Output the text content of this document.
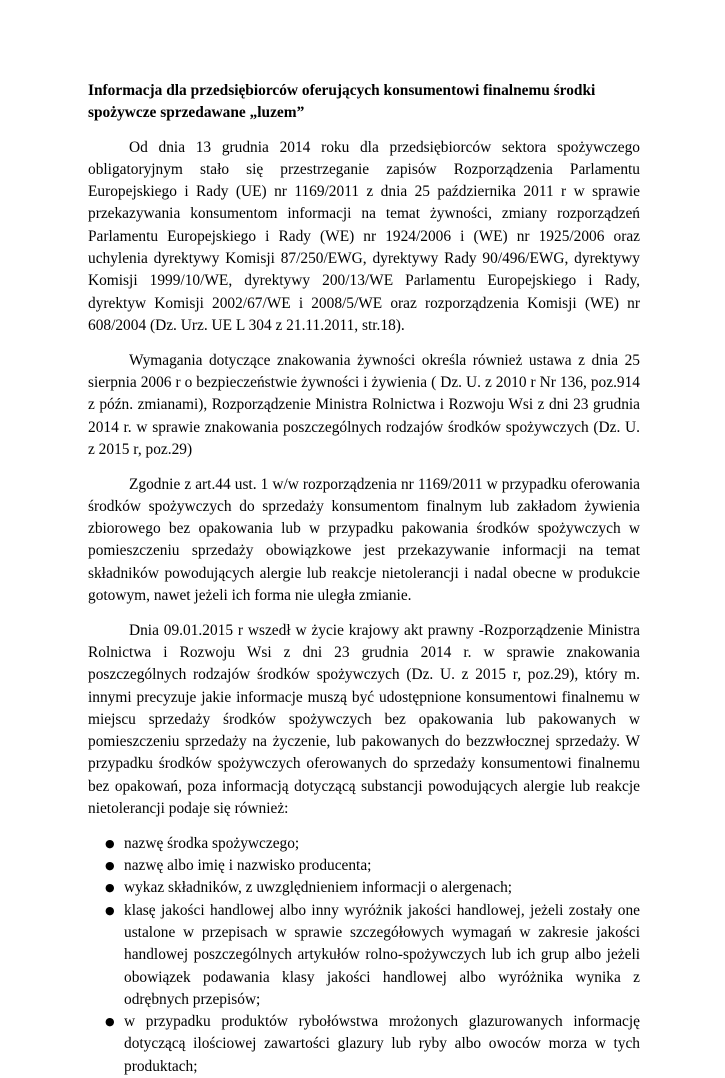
Informacja dla przedsiębiorców oferujących konsumentowi finalnemu środki spożywcze sprzedawane „luzem”

Od dnia 13 grudnia 2014 roku dla przedsiębiorców sektora spożywczego obligatoryjnym stało się przestrzeganie zapisów Rozporządzenia Parlamentu Europejskiego i Rady (UE) nr 1169/2011 z dnia 25 października 2011 r w sprawie przekazywania konsumentom informacji na temat żywności, zmiany rozporządzeń Parlamentu Europejskiego i Rady (WE) nr 1924/2006 i (WE) nr 1925/2006 oraz uchylenia dyrektywy Komisji 87/250/EWG, dyrektywy Rady 90/496/EWG, dyrektywy Komisji 1999/10/WE, dyrektywy 200/13/WE Parlamentu Europejskiego i Rady, dyrektyw Komisji 2002/67/WE i 2008/5/WE oraz rozporządzenia Komisji (WE) nr 608/2004 (Dz. Urz. UE L 304 z 21.11.2011, str.18).

Wymagania dotyczące znakowania żywności określa również ustawa z dnia 25 sierpnia 2006 r o bezpieczeństwie żywności i żywienia ( Dz. U. z 2010 r Nr 136, poz.914 z późn. zmianami), Rozporządzenie Ministra Rolnictwa i Rozwoju Wsi z dni 23 grudnia 2014 r. w sprawie znakowania poszczególnych rodzajów środków spożywczych (Dz. U. z 2015 r, poz.29)

Zgodnie z art.44 ust. 1 w/w rozporządzenia nr 1169/2011 w przypadku oferowania środków spożywczych do sprzedaży konsumentom finalnym lub zakładom żywienia zbiorowego bez opakowania lub w przypadku pakowania środków spożywczych w pomieszczeniu sprzedaży obowiązkowe jest przekazywanie informacji na temat składników powodujących alergie lub reakcje nietolerancji i nadal obecne w produkcie gotowym, nawet jeżeli ich forma nie uległa zmianie.

Dnia 09.01.2015 r wszedł w życie krajowy akt prawny -Rozporządzenie Ministra Rolnictwa i Rozwoju Wsi z dni 23 grudnia 2014 r. w sprawie znakowania poszczególnych rodzajów środków spożywczych (Dz. U. z 2015 r, poz.29), który m. innymi precyzuje jakie informacje muszą być udostępnione konsumentowi finalnemu w miejscu sprzedaży środków spożywczych bez opakowania lub pakowanych w pomieszczeniu sprzedaży na życzenie, lub pakowanych do bezzwłocznej sprzedaży. W przypadku środków spożywczych oferowanych do sprzedaży konsumentowi finalnemu bez opakowań, poza informacją dotyczącą substancji powodujących alergie lub reakcje nietolerancji podaje się również:

● nazwę środka spożywczego;
● nazwę albo imię i nazwisko producenta;
● wykaz składników, z uwzględnieniem informacji o alergenach;
● klasę jakości handlowej albo inny wyróżnik jakości handlowej, jeżeli zostały one ustalone w przepisach w sprawie szczegółowych wymagań w zakresie jakości handlowej poszczególnych artykułów rolno-spożywczych lub ich grup albo jeżeli obowiązek podawania klasy jakości handlowej albo wyróżnika wynika z odrębnych przepisów;
● w przypadku produktów rybołówstwa mrożonych glazurowanych informację dotyczącą ilościowej zawartości glazury lub ryby albo owoców morza w tych produktach;
